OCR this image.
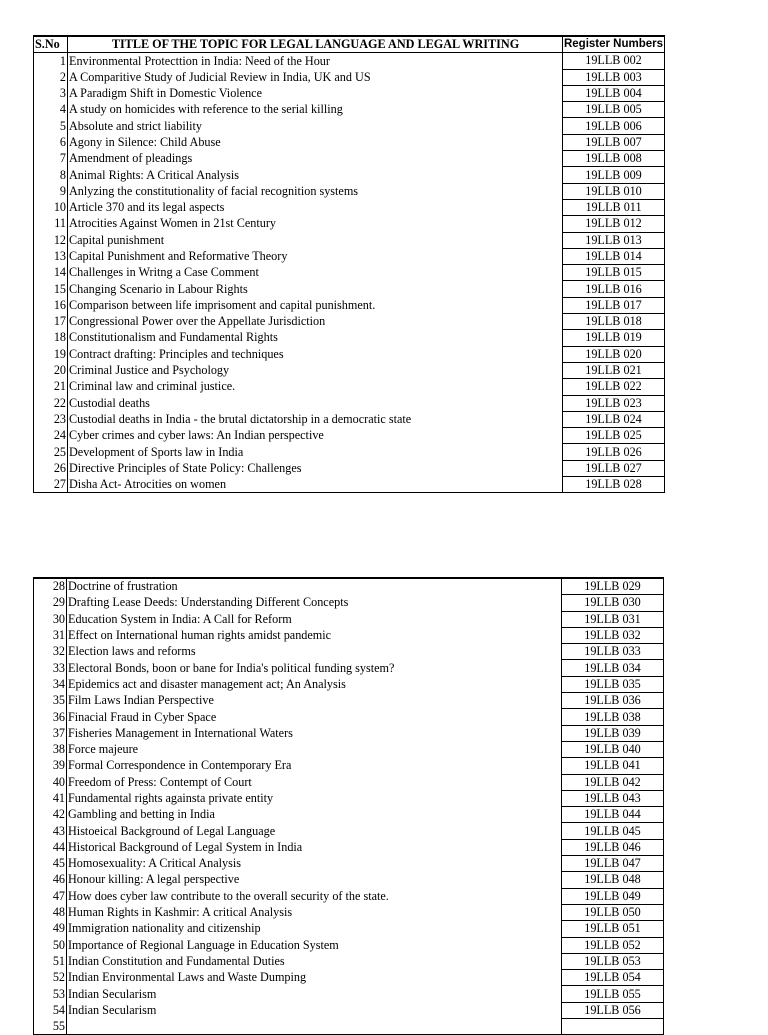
S.No	TITLE OF THE TOPIC FOR LEGAL LANGUAGE AND LEGAL WRITING	Register Numbers
1	Environmental Protecttion in India: Need of the Hour	19LLB 002
2	A Comparitive Study of Judicial Review in India, UK and US	19LLB 003
3	A Paradigm Shift in Domestic Violence	19LLB 004
4	A study on homicides with reference to the serial killing	19LLB 005
5	Absolute and strict liability	19LLB 006
6	Agony in Silence: Child Abuse	19LLB 007
7	Amendment of pleadings	19LLB 008
8	Animal Rights: A Critical Analysis	19LLB 009
9	Anlyzing the constitutionality of facial recognition systems	19LLB 010
10	Article 370 and its legal aspects	19LLB 011
11	Atrocities Against Women in 21st Century	19LLB 012
12	Capital punishment	19LLB 013
13	Capital Punishment and Reformative Theory	19LLB 014
14	Challenges in Writng a Case Comment	19LLB 015
15	Changing Scenario in Labour Rights	19LLB 016
16	Comparison between life imprisoment and capital punishment.	19LLB 017
17	Congressional Power over the Appellate Jurisdiction	19LLB 018
18	Constitutionalism and Fundamental Rights	19LLB 019
19	Contract drafting: Principles and techniques	19LLB 020
20	Criminal Justice and Psychology	19LLB 021
21	Criminal law and criminal justice.	19LLB 022
22	Custodial deaths	19LLB 023
23	Custodial deaths in India - the brutal dictatorship in a democratic state	19LLB 024
24	Cyber crimes and cyber laws: An Indian perspective	19LLB 025
25	Development of Sports law in India	19LLB 026
26	Directive Principles of State Policy: Challenges	19LLB 027
27	Disha Act- Atrocities on women	19LLB 028
28	Doctrine of frustration	19LLB 029
29	Drafting Lease Deeds: Understanding Different Concepts	19LLB 030
30	Education System in India: A Call for Reform	19LLB 031
31	Effect on International human rights amidst pandemic	19LLB 032
32	Election laws and reforms	19LLB 033
33	Electoral Bonds, boon or bane for India's political funding system?	19LLB 034
34	Epidemics act and disaster management act; An Analysis	19LLB 035
35	Film Laws Indian Perspective	19LLB 036
36	Finacial Fraud in Cyber Space	19LLB 038
37	Fisheries Management in International Waters	19LLB 039
38	Force majeure	19LLB 040
39	Formal Correspondence in Contemporary Era	19LLB 041
40	Freedom of Press: Contempt of Court	19LLB 042
41	Fundamental rights againsta private entity	19LLB 043
42	Gambling and betting in India	19LLB 044
43	Histoeical Background of Legal Language	19LLB 045
44	Historical Background of Legal System in India	19LLB 046
45	Homosexuality: A Critical Analysis	19LLB 047
46	Honour killing: A legal perspective	19LLB 048
47	How does cyber law contribute to the overall security of the state.	19LLB 049
48	Human Rights in Kashmir: A critical Analysis	19LLB 050
49	Immigration nationality and citizenship	19LLB 051
50	Importance of Regional Language in Education System	19LLB 052
51	Indian Constitution and Fundamental Duties	19LLB 053
52	Indian Environmental Laws and Waste Dumping	19LLB 054
53	Indian Secularism	19LLB 055
54	Indian Secularism	19LLB 056
55		
